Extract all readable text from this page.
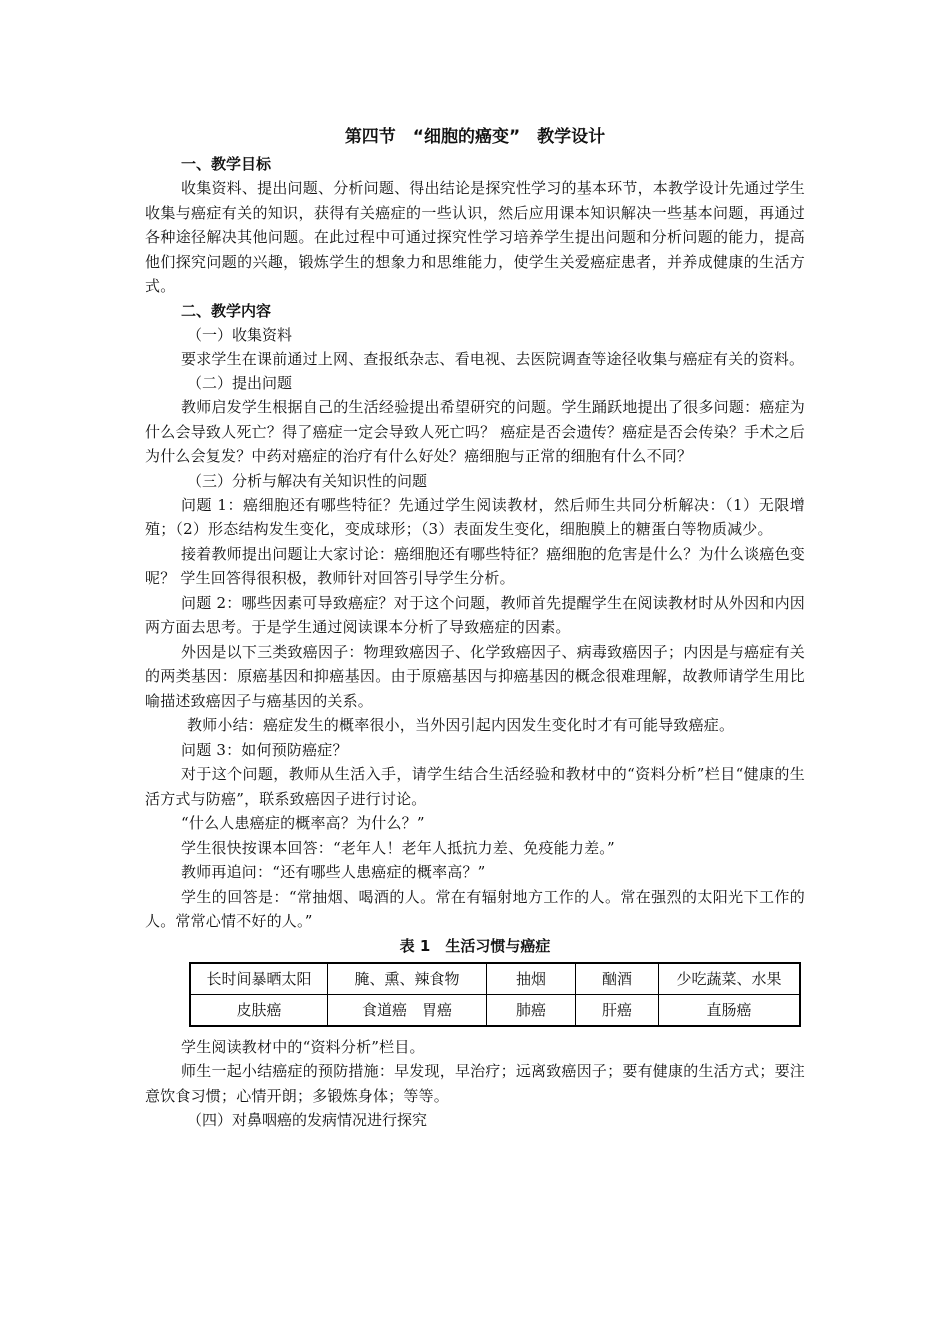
第四节　“细胞的癌变”　教学设计
一、教学目标

收集资料、提出问题、分析问题、得出结论是探究性学习的基本环节，本教学设计先通过学生收集与癌症有关的知识，获得有关癌症的一些认识，然后应用课本知识解决一些基本问题，再通过各种途径解决其他问题。在此过程中可通过探究性学习培养学生提出问题和分析问题的能力，提高他们探究问题的兴趣，锻炼学生的想象力和思维能力，使学生关爱癌症患者，并养成健康的生活方式。

二、教学内容
（一）收集资料

要求学生在课前通过上网、查报纸杂志、看电视、去医院调查等途径收集与癌症有关的资料。

（二）提出问题

教师启发学生根据自己的生活经验提出希望研究的问题。学生踊跃地提出了很多问题：癌症为什么会导致人死亡？得了癌症一定会导致人死亡吗？ 癌症是否会遗传？癌症是否会传染？手术之后为什么会复发？中药对癌症的治疗有什么好处？癌细胞与正常的细胞有什么不同？

（三）分析与解决有关知识性的问题

问题 1：癌细胞还有哪些特征？先通过学生阅读教材，然后师生共同分析解决：（1）无限增殖；（2）形态结构发生变化，变成球形；（3）表面发生变化，细胞膜上的糖蛋白等物质减少。

接着教师提出问题让大家讨论：癌细胞还有哪些特征？癌细胞的危害是什么？为什么谈癌色变呢？ 学生回答得很积极，教师针对回答引导学生分析。

问题 2：哪些因素可导致癌症？对于这个问题，教师首先提醒学生在阅读教材时从外因和内因两方面去思考。于是学生通过阅读课本分析了导致癌症的因素。

外因是以下三类致癌因子：物理致癌因子、化学致癌因子、病毒致癌因子；内因是与癌症有关的两类基因：原癌基因和抑癌基因。由于原癌基因与抑癌基因的概念很难理解，故教师请学生用比喻描述致癌因子与癌基因的关系。

教师小结：癌症发生的概率很小，当外因引起内因发生变化时才有可能导致癌症。

问题 3：如何预防癌症？

对于这个问题，教师从生活入手，请学生结合生活经验和教材中的“资料分析”栏目“健康的生活方式与防癌”，联系致癌因子进行讨论。

“什么人患癌症的概率高？为什么？”

学生很快按课本回答：“老年人！老年人抵抗力差、免疫能力差。”

教师再追问：“还有哪些人患癌症的概率高？”

学生的回答是：“常抽烟、喝酒的人。常在有辐射地方工作的人。常在强烈的太阳光下工作的人。常常心情不好的人。”

表 1　生活习惯与癌症
长时间暴晒太阳	腌、熏、辣食物	抽烟	酗酒	少吃蔬菜、水果
皮肤癌	食道癌　胃癌	肺癌	肝癌	直肠癌

学生阅读教材中的“资料分析”栏目。

师生一起小结癌症的预防措施：早发现，早治疗；远离致癌因子；要有健康的生活方式；要注意饮食习惯；心情开朗；多锻炼身体；等等。

（四）对鼻咽癌的发病情况进行探究
